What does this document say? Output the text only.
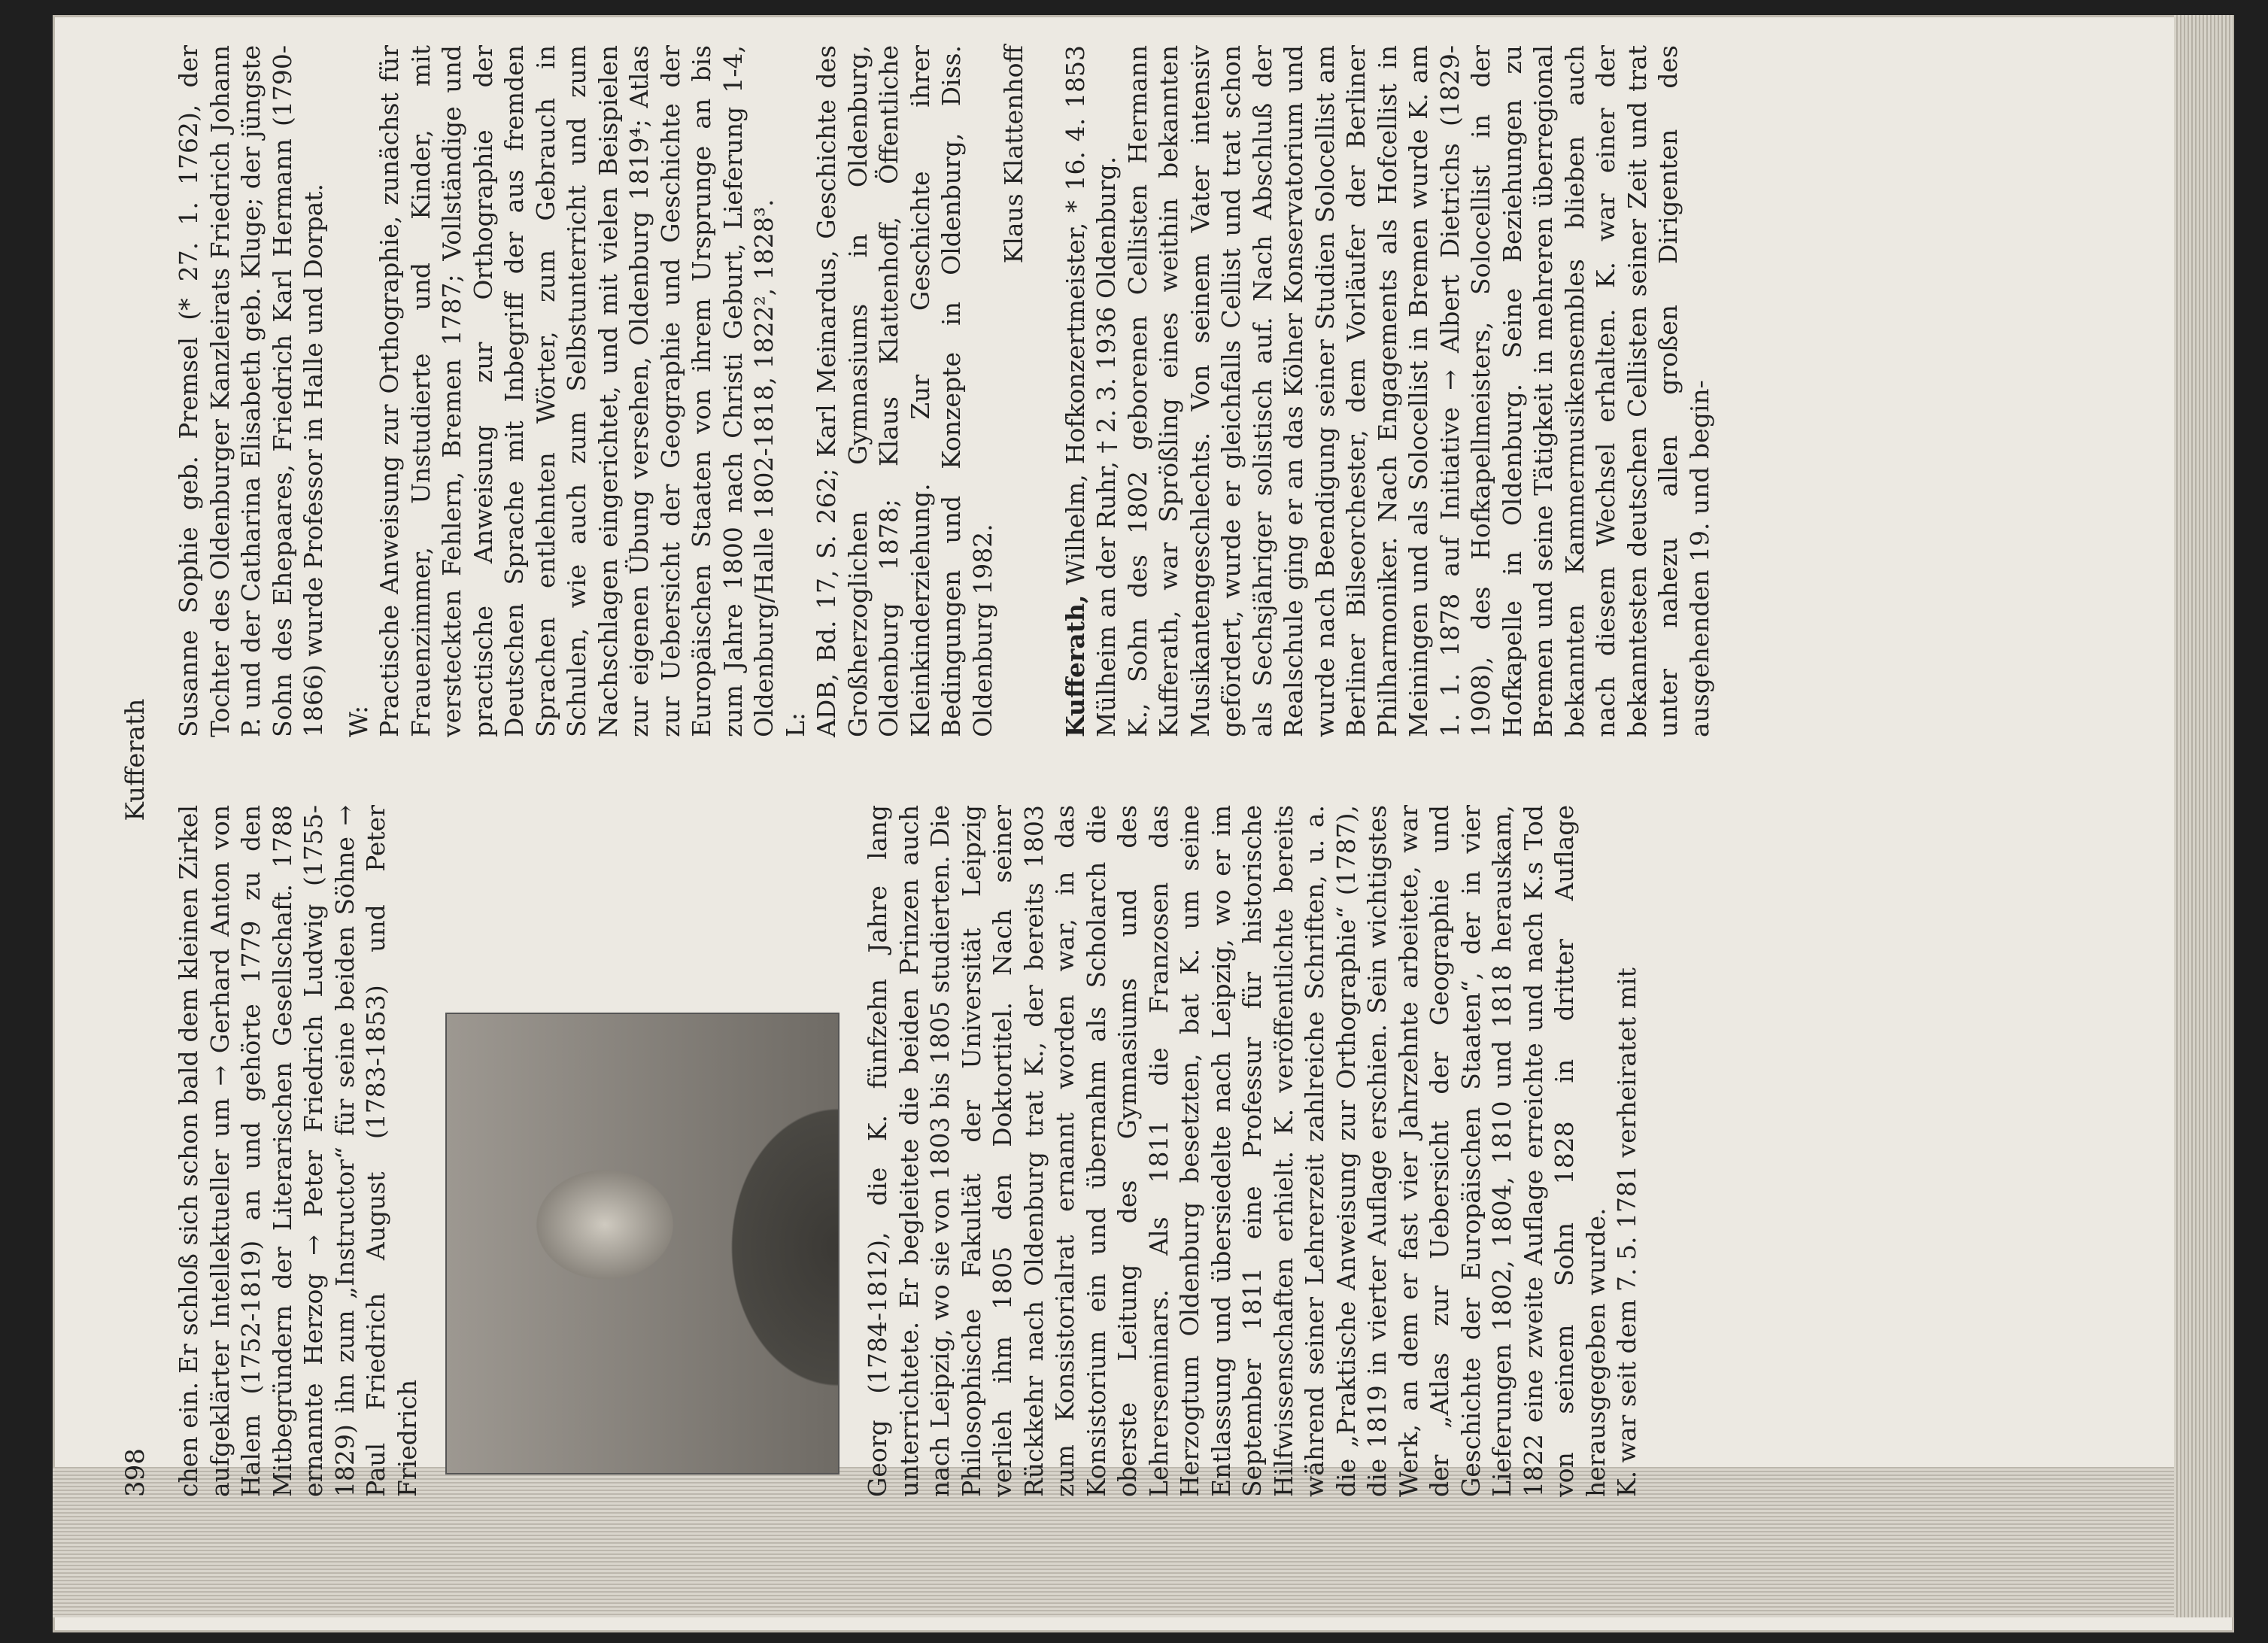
398
Kufferath

chen ein. Er schloß sich schon bald dem kleinen Zirkel aufgeklärter Intellektueller um → Gerhard Anton von Halem (1752-1819) an und gehörte 1779 zu den Mitbegründern der Literarischen Gesellschaft. 1788 ernannte Herzog → Peter Friedrich Ludwig (1755-1829) ihn zum „Instructor“ für seine beiden Söhne → Paul Friedrich August (1783-1853) und Peter Friedrich	Georg (1784-1812), die K. fünfzehn Jahre lang unterrichtete. Er begleitete die beiden Prinzen auch nach Leipzig, wo sie von 1803 bis 1805 studierten. Die Philosophische Fakultät der Universität Leipzig verlieh ihm 1805 den Doktortitel. Nach seiner Rückkehr nach Oldenburg trat K., der bereits 1803 zum Konsistorialrat ernannt worden war, in das Konsistorium ein und übernahm als Scholarch die oberste Leitung des Gymnasiums und des Lehrerseminars. Als 1811 die Franzosen das Herzogtum Oldenburg besetzten, bat K. um seine Entlassung und übersiedelte nach Leipzig, wo er im September 1811 eine Professur für historische Hilfwissenschaften erhielt. K. veröffentlichte bereits während seiner Lehrerzeit zahlreiche Schriften, u. a. die „Praktische Anweisung zur Orthographie“ (1787), die 1819 in vierter Auflage erschien. Sein wichtigstes Werk, an dem er fast vier Jahrzehnte arbeitete, war der „Atlas zur Uebersicht der Geographie und Geschichte der Europäischen Staaten“, der in vier Lieferungen 1802, 1804, 1810 und 1818 herauskam, 1822 eine zweite Auflage erreichte und nach K.s Tod von seinem Sohn 1828 in dritter Auflage herausgegeben wurde. K. war seit dem 7. 5. 1781 verheiratet mit

Susanne Sophie geb. Premsel (* 27. 1. 1762), der Tochter des Oldenburger Kanzleirats Friedrich Johann P. und der Catharina Elisabeth geb. Kluge; der jüngste Sohn des Ehepaares, Friedrich Karl Hermann (1790-1866) wurde Professor in Halle und Dorpat. W: Practische Anweisung zur Orthographie, zunächst für Frauenzimmer, Unstudierte und Kinder, mit versteckten Fehlern, Bremen 1787; Vollständige und practische Anweisung zur Orthographie der Deutschen Sprache mit Inbegriff der aus fremden Sprachen entlehnten Wörter, zum Gebrauch in Schulen, wie auch zum Selbstunterricht und zum Nachschlagen eingerichtet, und mit vielen Beispielen zur eigenen Übung versehen, Oldenburg 1819⁴; Atlas zur Uebersicht der Geographie und Geschichte der Europäischen Staaten von ihrem Ursprunge an bis zum Jahre 1800 nach Christi Geburt, Lieferung 1-4, Oldenburg/Halle 1802-1818, 1822², 1828³. L: ADB, Bd. 17, S. 262; Karl Meinardus, Geschichte des Großherzoglichen Gymnasiums in Oldenburg, Oldenburg 1878; Klaus Klattenhoff, Öffentliche Kleinkinderziehung. Zur Geschichte ihrer Bedingungen und Konzepte in Oldenburg, Diss. Oldenburg 1982.

Klaus Klattenhoff

Kufferath, Wilhelm, Hofkonzertmeister, * 16. 4. 1853 Mülheim an der Ruhr, † 2. 3. 1936 Oldenburg. K., Sohn des 1802 geborenen Cellisten Hermann Kufferath, war Sprößling eines weithin bekannten Musikantengeschlechts. Von seinem Vater intensiv gefördert, wurde er gleichfalls Cellist und trat schon als Sechsjähriger solistisch auf. Nach Abschluß der Realschule ging er an das Kölner Konservatorium und wurde nach Beendigung seiner Studien Solocellist am Berliner Bilseorchester, dem Vorläufer der Berliner Philharmoniker. Nach Engagements als Hofcellist in Meiningen und als Solocellist in Bremen wurde K. am 1. 1. 1878 auf Initiative → Albert Dietrichs (1829-1908), des Hofkapellmeisters, Solocellist in der Hofkapelle in Oldenburg. Seine Beziehungen zu Bremen und seine Tätigkeit in mehreren überregional bekannten Kammermusikensembles blieben auch nach diesem Wechsel erhalten. K. war einer der bekanntesten deutschen Cellisten seiner Zeit und trat unter nahezu allen großen Dirigenten des ausgehenden 19. und begin-
